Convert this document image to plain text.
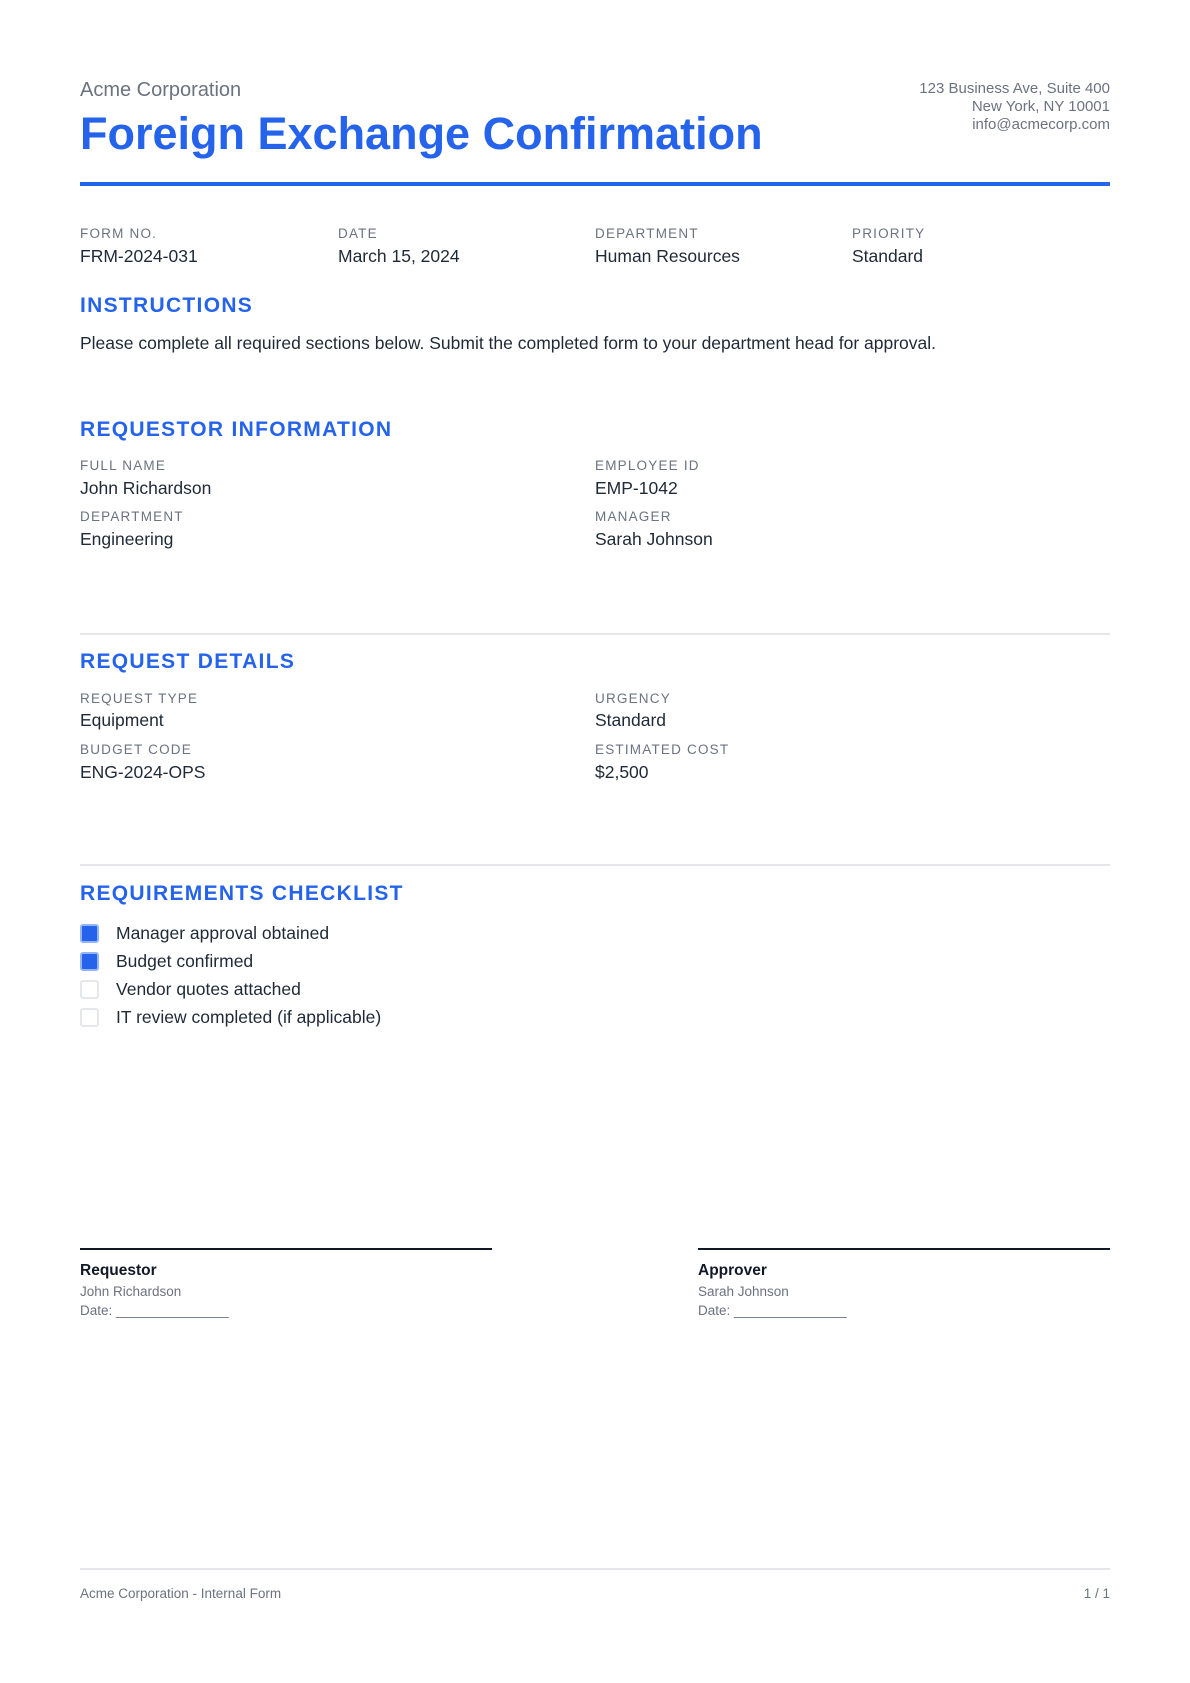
Acme Corporation
Foreign Exchange Confirmation
123 Business Ave, Suite 400
New York, NY 10001
info@acmecorp.com
FORM NO.
FRM-2024-031
DATE
March 15, 2024
DEPARTMENT
Human Resources
PRIORITY
Standard
INSTRUCTIONS
Please complete all required sections below. Submit the completed form to your department head for approval.
REQUESTOR INFORMATION
FULL NAME
John Richardson
EMPLOYEE ID
EMP-1042
DEPARTMENT
Engineering
MANAGER
Sarah Johnson
REQUEST DETAILS
REQUEST TYPE
Equipment
URGENCY
Standard
BUDGET CODE
ENG-2024-OPS
ESTIMATED COST
$2,500
REQUIREMENTS CHECKLIST
Manager approval obtained
Budget confirmed
Vendor quotes attached
IT review completed (if applicable)
Requestor
John Richardson
Date: _______________
Approver
Sarah Johnson
Date: _______________
Acme Corporation - Internal Form	1 / 1
